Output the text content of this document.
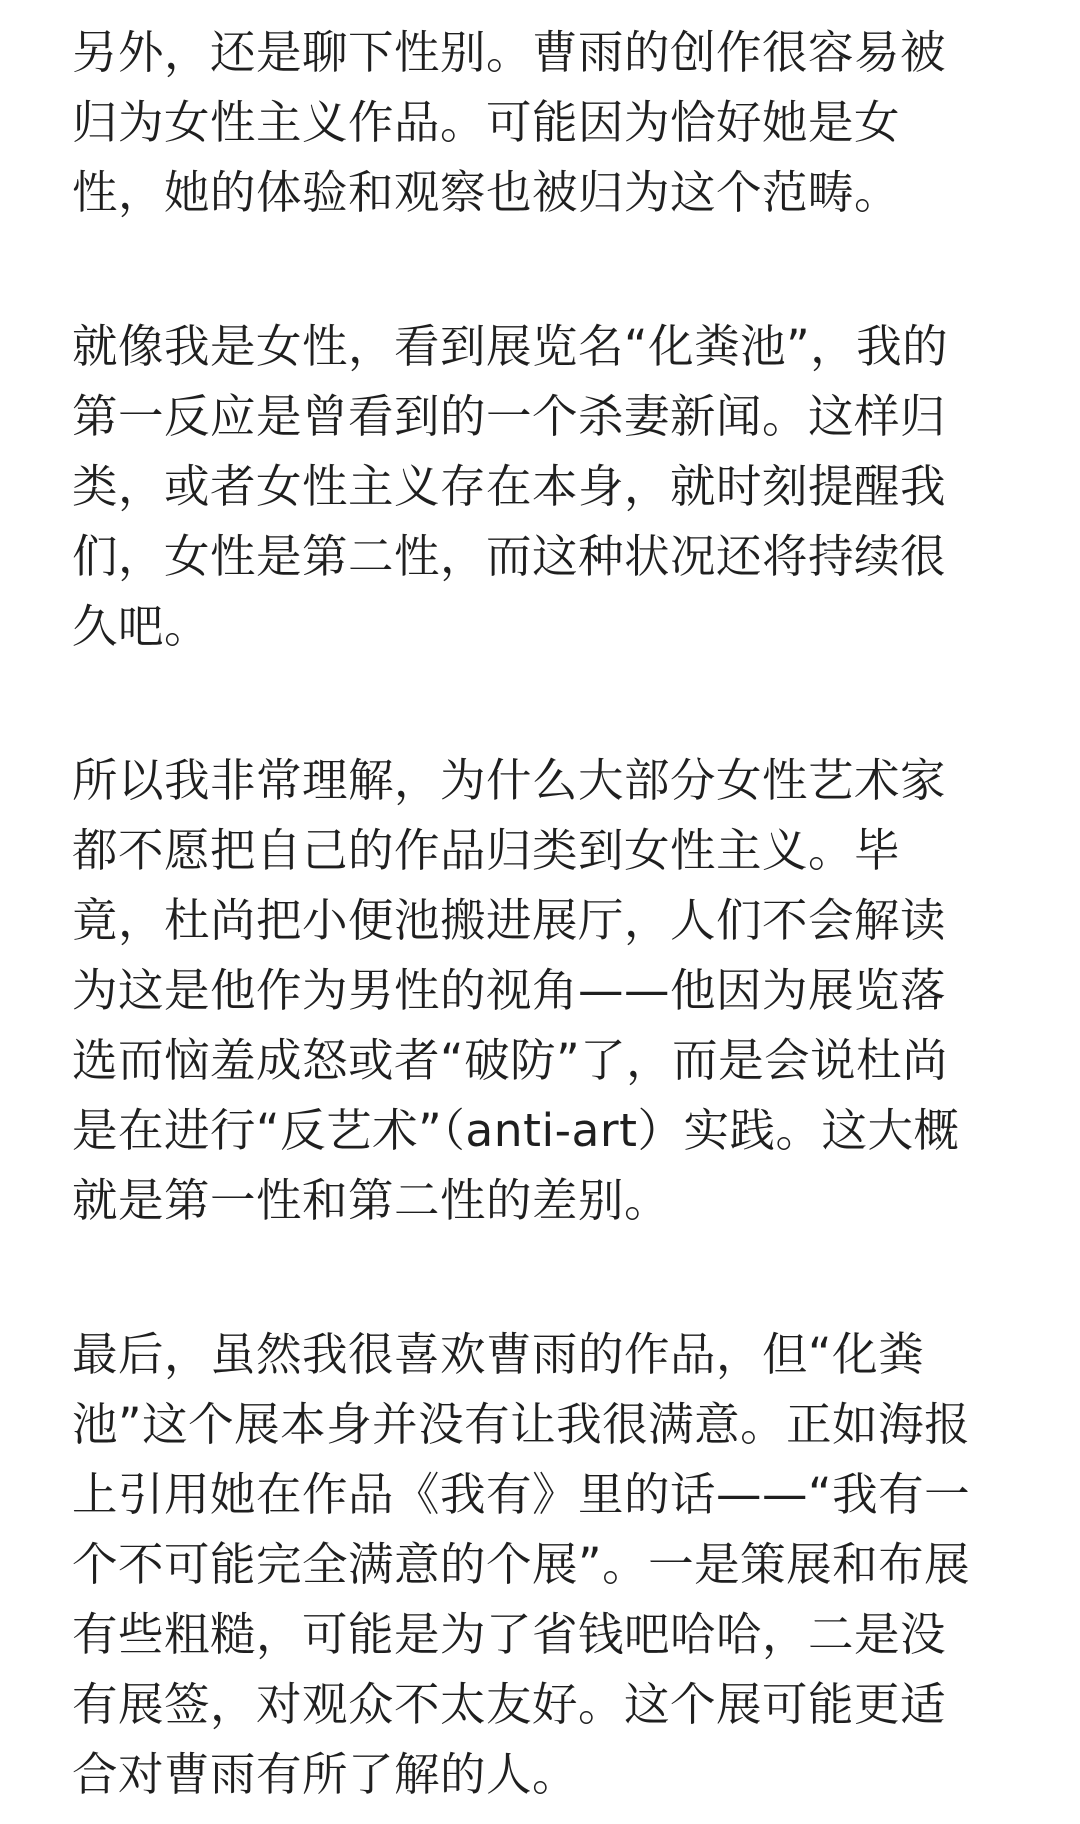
另外，还是聊下性别。曹雨的创作很容易被
归为女性主义作品。可能因为恰好她是女
性，她的体验和观察也被归为这个范畴。

就像我是女性，看到展览名“化粪池”，我的
第一反应是曾看到的一个杀妻新闻。这样归
类，或者女性主义存在本身，就时刻提醒我
们，女性是第二性，而这种状况还将持续很
久吧。

所以我非常理解，为什么大部分女性艺术家
都不愿把自己的作品归类到女性主义。毕
竟，杜尚把小便池搬进展厅，人们不会解读
为这是他作为男性的视角——他因为展览落
选而恼羞成怒或者“破防”了，而是会说杜尚
是在进行“反艺术”（anti-art）实践。这大概
就是第一性和第二性的差别。

最后，虽然我很喜欢曹雨的作品，但“化粪
池”这个展本身并没有让我很满意。正如海报
上引用她在作品《我有》里的话——“我有一
个不可能完全满意的个展”。一是策展和布展
有些粗糙，可能是为了省钱吧哈哈，二是没
有展签，对观众不太友好。这个展可能更适
合对曹雨有所了解的人。
